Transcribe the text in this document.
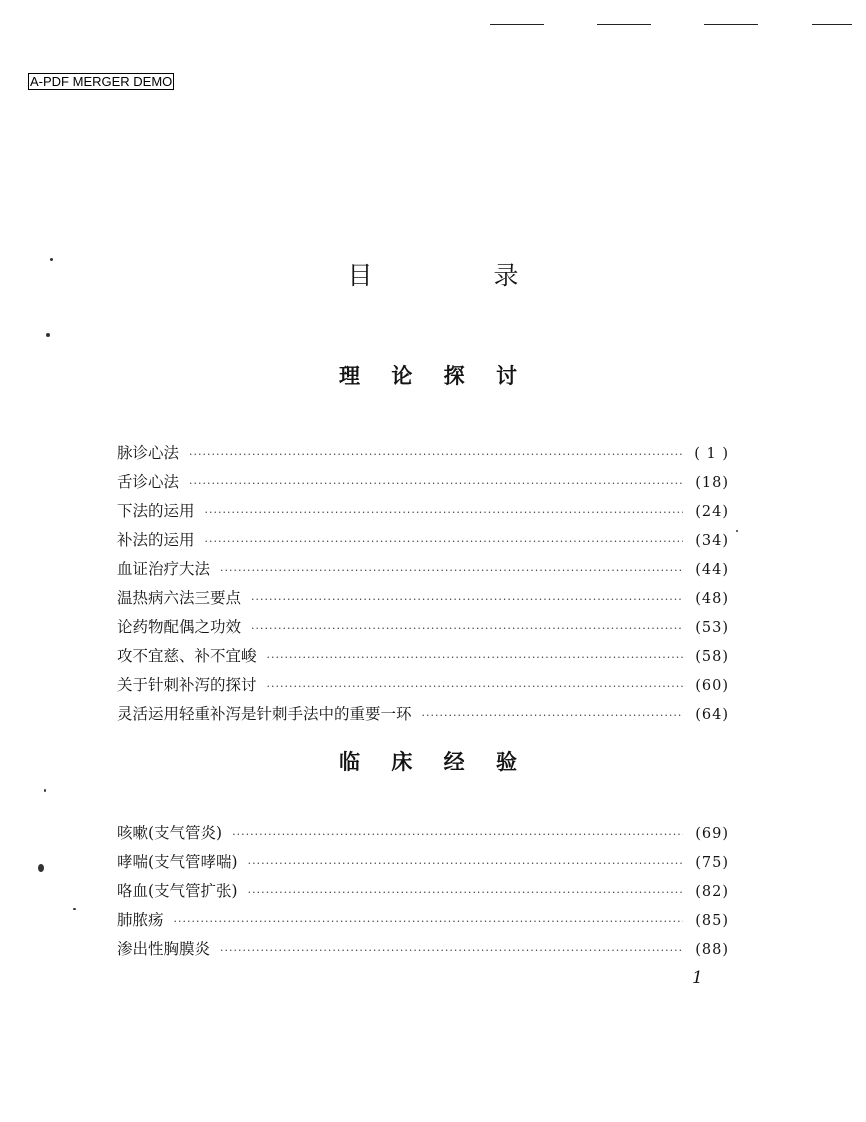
A-PDF MERGER DEMO
目　录
理 论 探 讨
脉诊心法 ·····	( 1 )
舌诊心法 ·····	(18)
下法的运用 ·····	(24)
补法的运用 ·····	(34)
血证治疗大法 ·····	(44)
温热病六法三要点 ·····	(48)
论药物配偶之功效 ·····	(53)
攻不宜慈、补不宜峻 ·····	(58)
关于针刺补泻的探讨 ·····	(60)
灵活运用轻重补泻是针刺手法中的重要一环 ·····	(64)
临 床 经 验
咳嗽(支气管炎) ·····	(69)
哮喘(支气管哮喘) ·····	(75)
咯血(支气管扩张) ·····	(82)
肺脓疡 ·····	(85)
渗出性胸膜炎 ·····	(88)
1
